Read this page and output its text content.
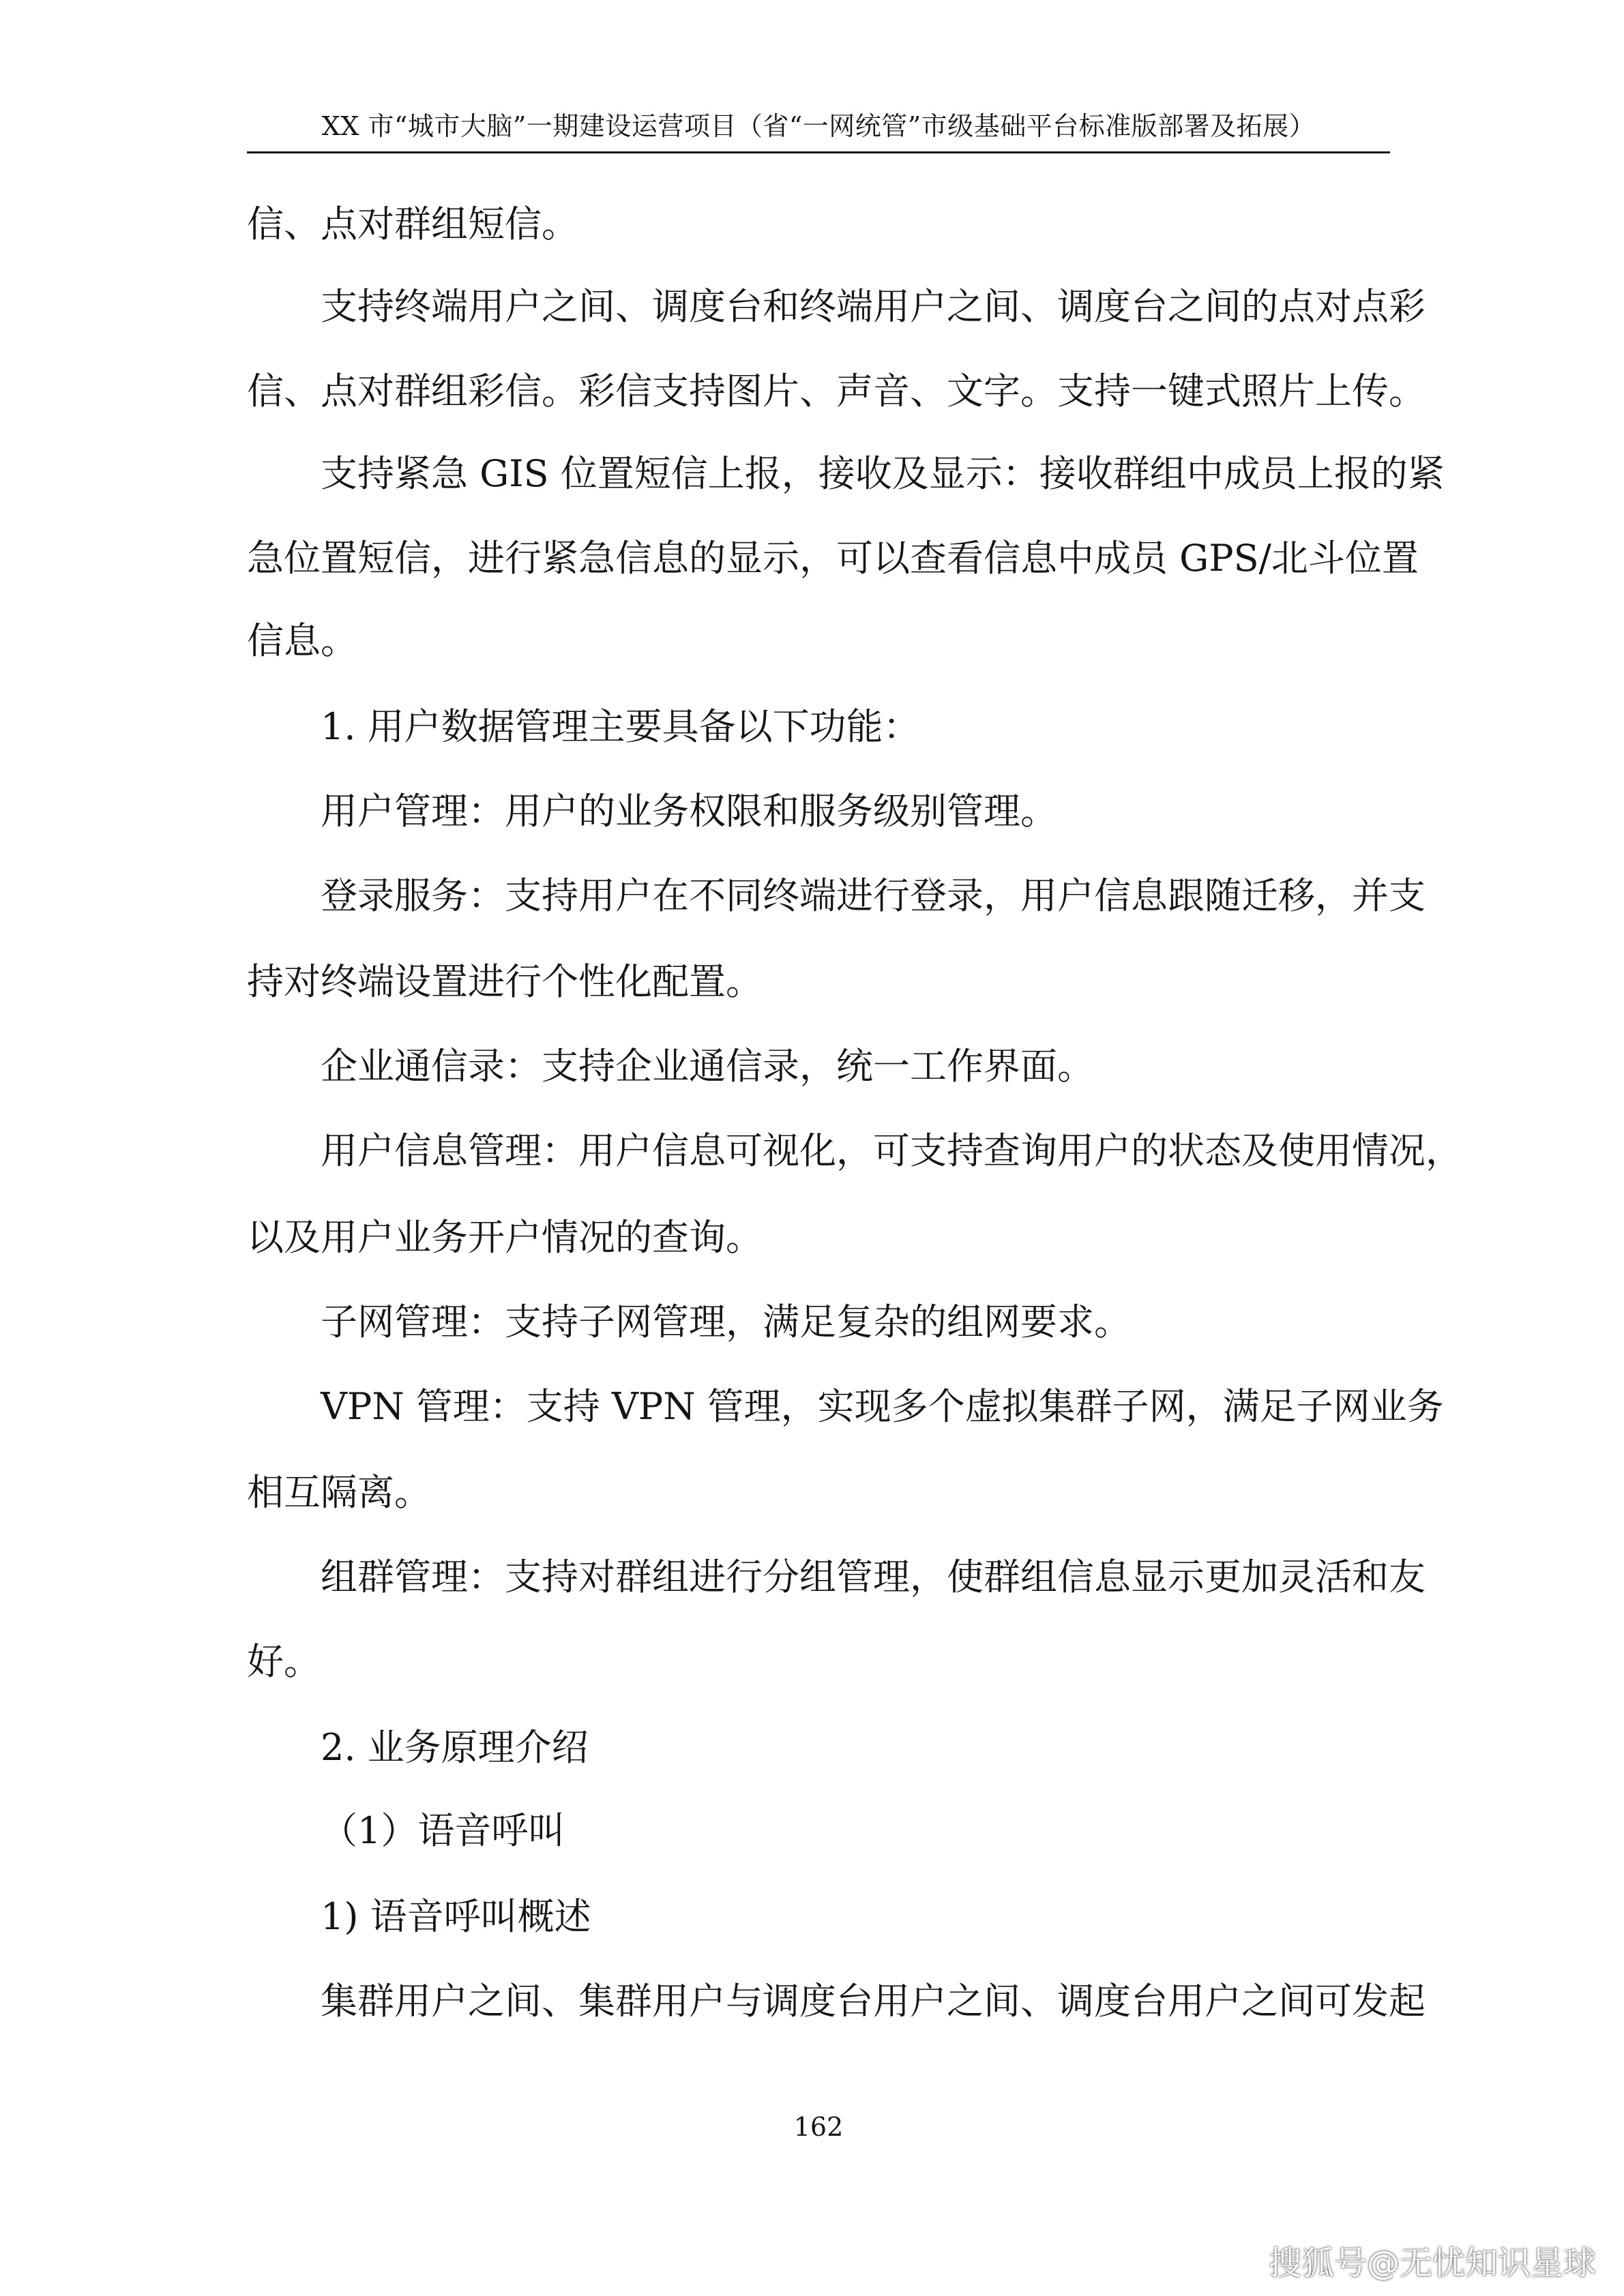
XX 市“城市大脑”一期建设运营项目（省“一网统管”市级基础平台标准版部署及拓展）
信、点对群组短信。
支持终端用户之间、调度台和终端用户之间、调度台之间的点对点彩
信、点对群组彩信。彩信支持图片、声音、文字。支持一键式照片上传。
支持紧急 GIS 位置短信上报，接收及显示：接收群组中成员上报的紧
急位置短信，进行紧急信息的显示，可以查看信息中成员 GPS/北斗位置
信息。
1. 用户数据管理主要具备以下功能：
用户管理：用户的业务权限和服务级别管理。
登录服务：支持用户在不同终端进行登录，用户信息跟随迁移，并支
持对终端设置进行个性化配置。
企业通信录：支持企业通信录，统一工作界面。
用户信息管理：用户信息可视化，可支持查询用户的状态及使用情况，
以及用户业务开户情况的查询。
子网管理：支持子网管理，满足复杂的组网要求。
VPN 管理：支持 VPN 管理，实现多个虚拟集群子网，满足子网业务
相互隔离。
组群管理：支持对群组进行分组管理，使群组信息显示更加灵活和友
好。
2. 业务原理介绍
（1）语音呼叫
1) 语音呼叫概述
集群用户之间、集群用户与调度台用户之间、调度台用户之间可发起
162
搜狐号@无忧知识星球
